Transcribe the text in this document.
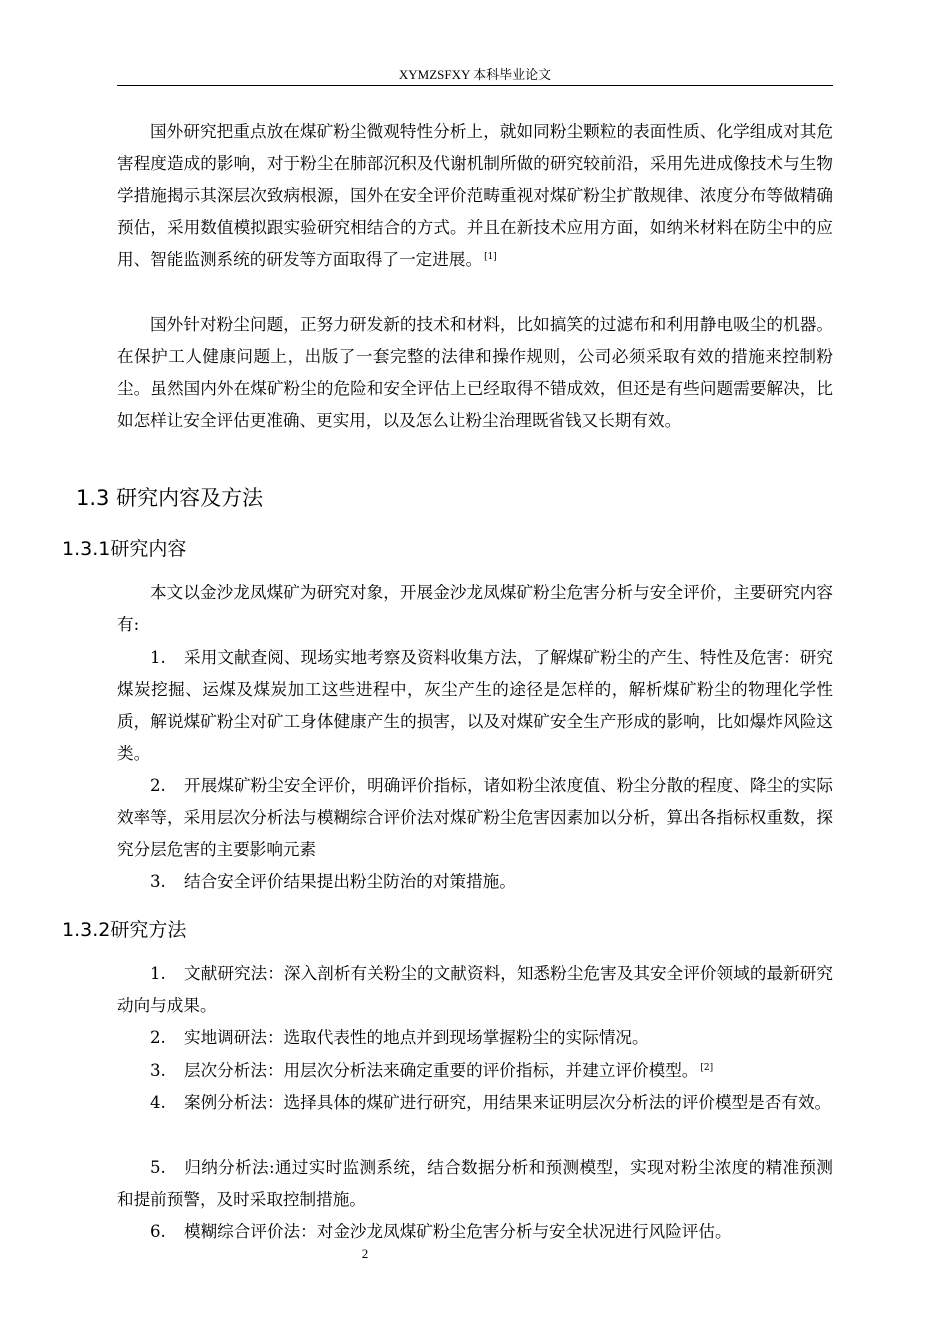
XYMZSFXY 本科毕业论文

国外研究把重点放在煤矿粉尘微观特性分析上，就如同粉尘颗粒的表面性质、化学组成对其危害程度造成的影响，对于粉尘在肺部沉积及代谢机制所做的研究较前沿，采用先进成像技术与生物学措施揭示其深层次致病根源，国外在安全评价范畴重视对煤矿粉尘扩散规律、浓度分布等做精确预估，采用数值模拟跟实验研究相结合的方式。并且在新技术应用方面，如纳米材料在防尘中的应用、智能监测系统的研发等方面取得了一定进展。 [1]

国外针对粉尘问题，正努力研发新的技术和材料，比如搞笑的过滤布和利用静电吸尘的机器。在保护工人健康问题上，出版了一套完整的法律和操作规则，公司必须采取有效的措施来控制粉尘。虽然国内外在煤矿粉尘的危险和安全评估上已经取得不错成效，但还是有些问题需要解决，比如怎样让安全评估更准确、更实用，以及怎么让粉尘治理既省钱又长期有效。

1.3 研究内容及方法
1.3.1研究内容

本文以金沙龙凤煤矿为研究对象，开展金沙龙凤煤矿粉尘危害分析与安全评价，主要研究内容有:

1. 采用文献查阅、现场实地考察及资料收集方法，了解煤矿粉尘的产生、特性及危害：研究煤炭挖掘、运煤及煤炭加工这些进程中，灰尘产生的途径是怎样的，解析煤矿粉尘的物理化学性质，解说煤矿粉尘对矿工身体健康产生的损害，以及对煤矿安全生产形成的影响，比如爆炸风险这类。

2. 开展煤矿粉尘安全评价，明确评价指标，诸如粉尘浓度值、粉尘分散的程度、降尘的实际效率等，采用层次分析法与模糊综合评价法对煤矿粉尘危害因素加以分析，算出各指标权重数，探究分层危害的主要影响元素

3. 结合安全评价结果提出粉尘防治的对策措施。

1.3.2研究方法

1. 文献研究法：深入剖析有关粉尘的文献资料，知悉粉尘危害及其安全评价领域的最新研究动向与成果。

2. 实地调研法：选取代表性的地点并到现场掌握粉尘的实际情况。

3. 层次分析法：用层次分析法来确定重要的评价指标，并建立评价模型。 [2]

4. 案例分析法：选择具体的煤矿进行研究，用结果来证明层次分析法的评价模型是否有效。

5. 归纳分析法:通过实时监测系统，结合数据分析和预测模型，实现对粉尘浓度的精准预测和提前预警，及时采取控制措施。

6. 模糊综合评价法：对金沙龙凤煤矿粉尘危害分析与安全状况进行风险评估。

2
